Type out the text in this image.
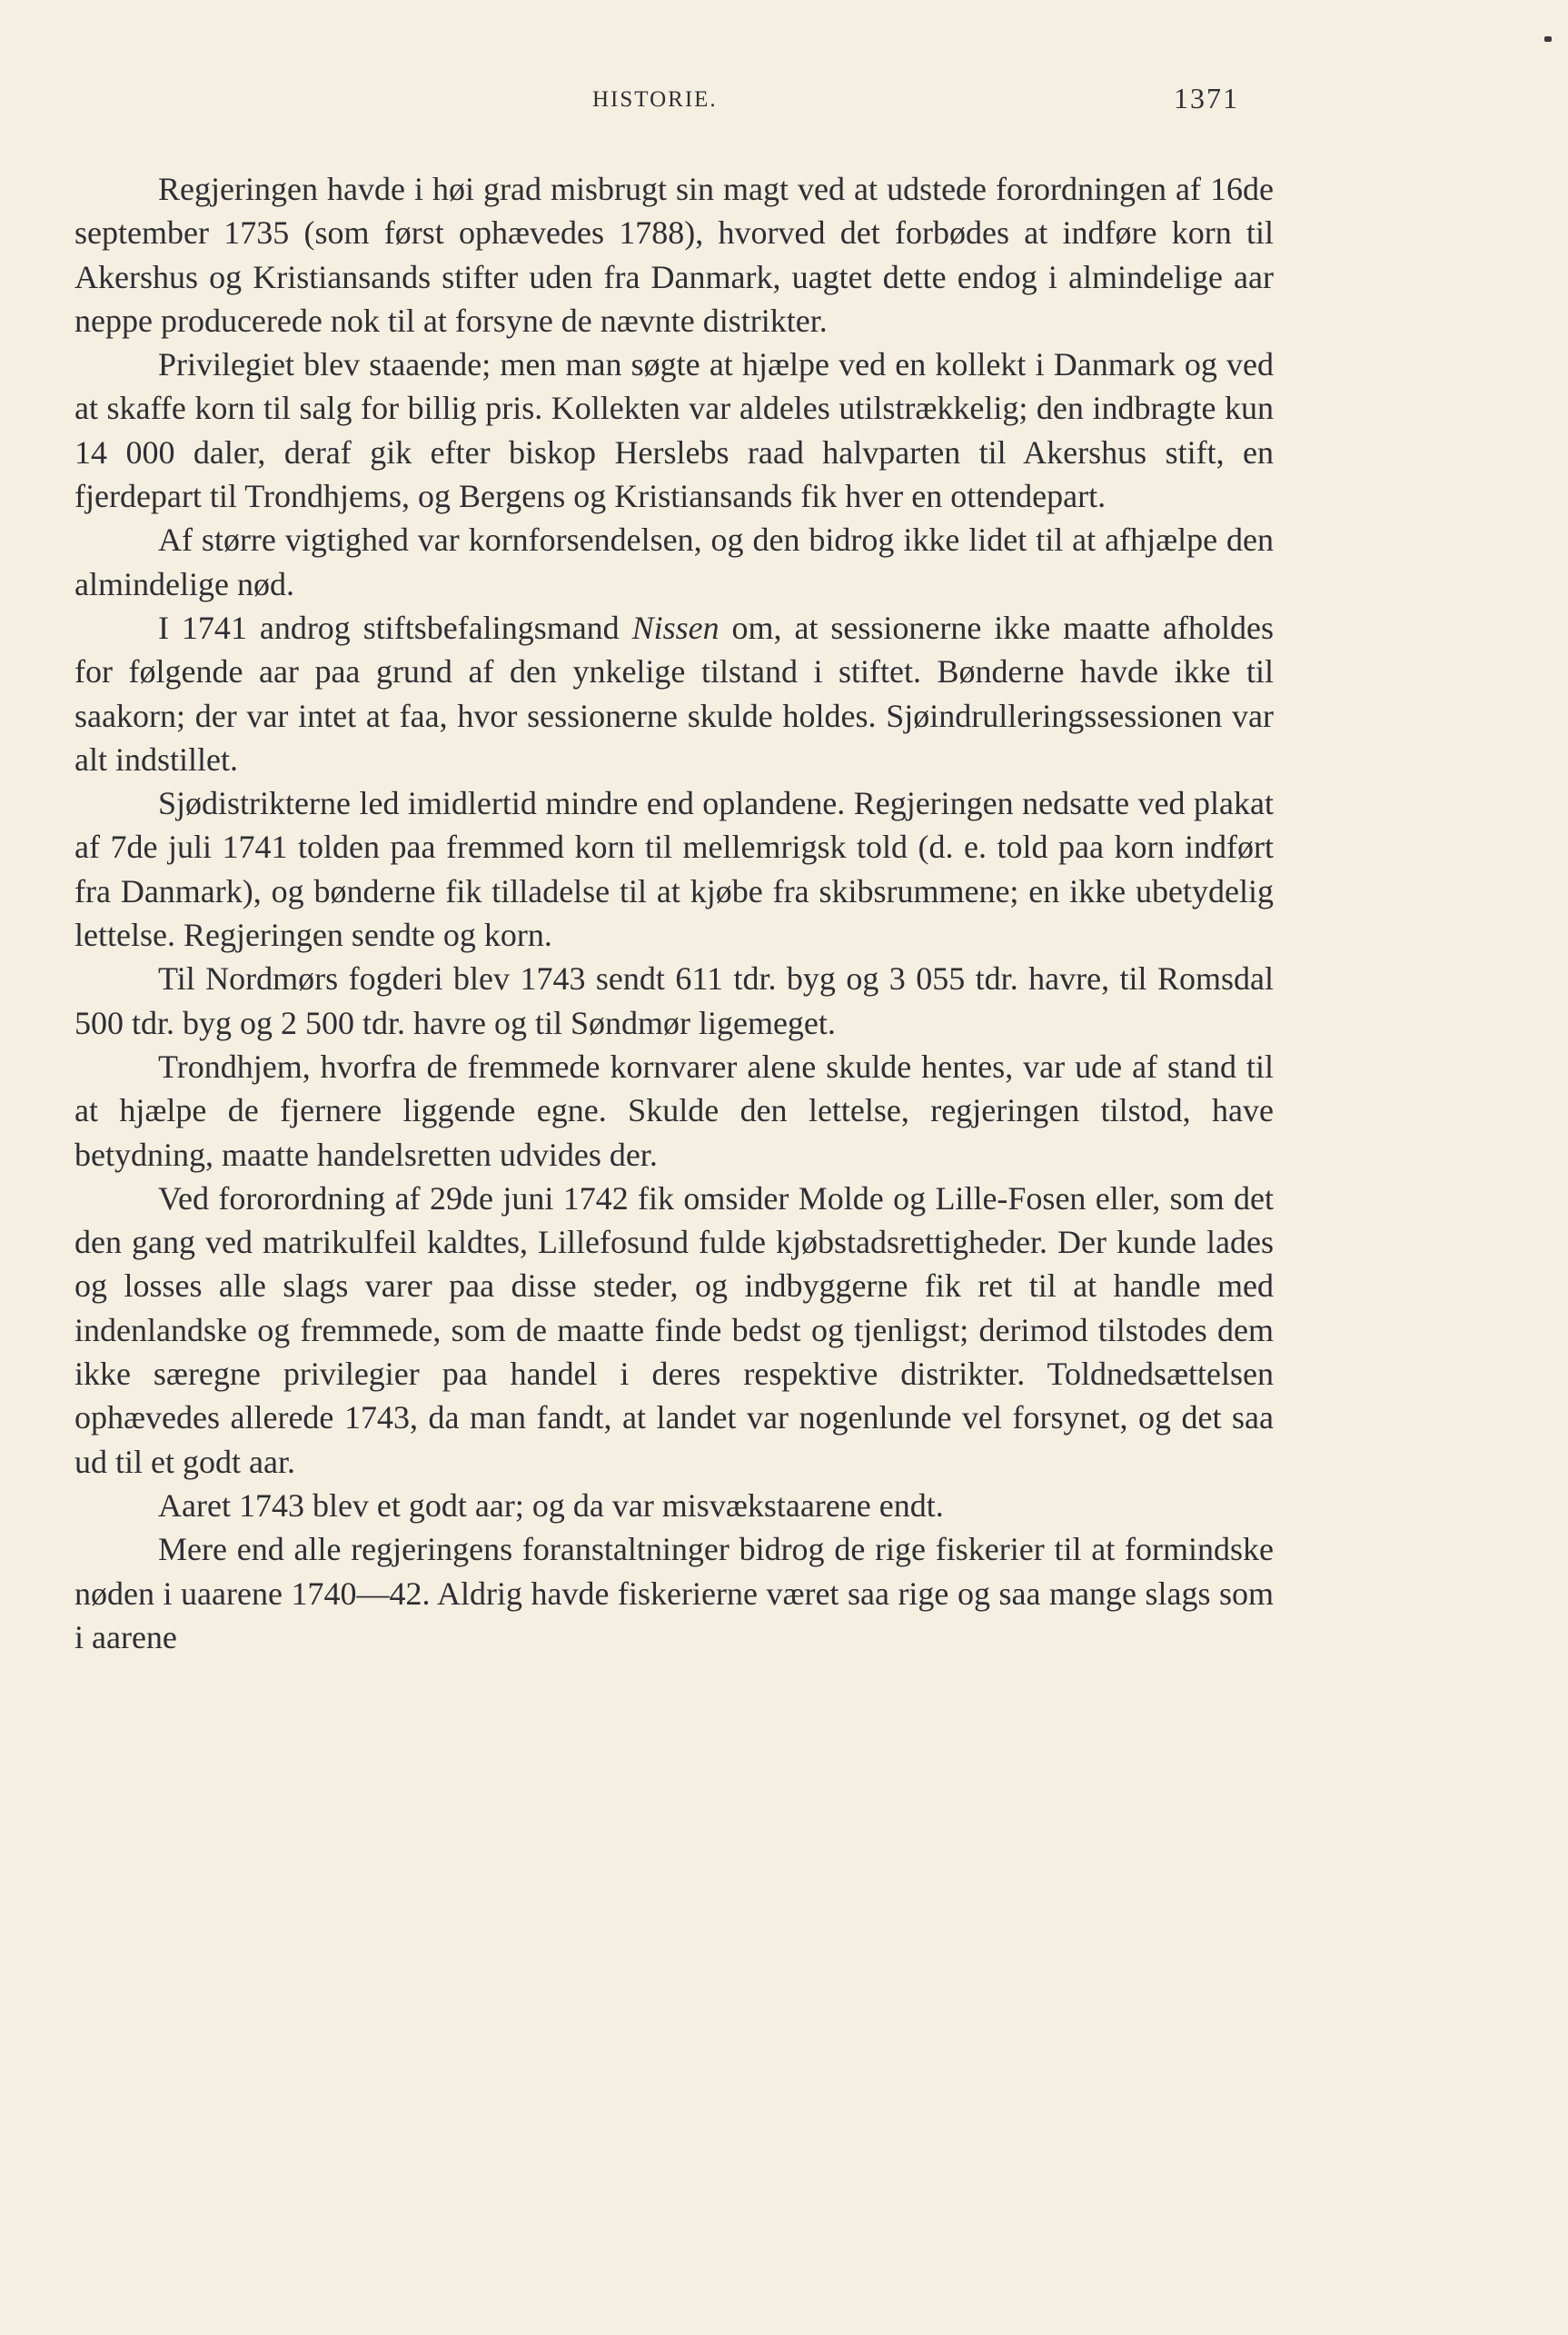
HISTORIE.	1371

Regjeringen havde i høi grad misbrugt sin magt ved at udstede forordningen af 16de september 1735 (som først ophævedes 1788), hvorved det forbødes at indføre korn til Akershus og Kristiansands stifter uden fra Danmark, uagtet dette endog i almindelige aar neppe producerede nok til at forsyne de nævnte distrikter.

Privilegiet blev staaende; men man søgte at hjælpe ved en kollekt i Danmark og ved at skaffe korn til salg for billig pris. Kollekten var aldeles utilstrækkelig; den indbragte kun 14 000 daler, deraf gik efter biskop Herslebs raad halvparten til Akershus stift, en fjerdepart til Trondhjems, og Bergens og Kristiansands fik hver en ottendepart.

Af større vigtighed var kornforsendelsen, og den bidrog ikke lidet til at afhjælpe den almindelige nød.

I 1741 androg stiftsbefalingsmand Nissen om, at sessionerne ikke maatte afholdes for følgende aar paa grund af den ynkelige tilstand i stiftet. Bønderne havde ikke til saakorn; der var intet at faa, hvor sessionerne skulde holdes. Sjøindrulleringssessionen var alt indstillet.

Sjødistrikterne led imidlertid mindre end oplandene. Regjeringen nedsatte ved plakat af 7de juli 1741 tolden paa fremmed korn til mellemrigsk told (d. e. told paa korn indført fra Danmark), og bønderne fik tilladelse til at kjøbe fra skibsrummene; en ikke ubetydelig lettelse. Regjeringen sendte og korn.

Til Nordmørs fogderi blev 1743 sendt 611 tdr. byg og 3 055 tdr. havre, til Romsdal 500 tdr. byg og 2 500 tdr. havre og til Søndmør ligemeget.

Trondhjem, hvorfra de fremmede kornvarer alene skulde hentes, var ude af stand til at hjælpe de fjernere liggende egne. Skulde den lettelse, regjeringen tilstod, have betydning, maatte handelsretten udvides der.

Ved fororordning af 29de juni 1742 fik omsider Molde og Lille-Fosen eller, som det den gang ved matrikulfeil kaldtes, Lillefosund fulde kjøbstadsrettigheder. Der kunde lades og losses alle slags varer paa disse steder, og indbyggerne fik ret til at handle med indenlandske og fremmede, som de maatte finde bedst og tjenligst; derimod tilstodes dem ikke særegne privilegier paa handel i deres respektive distrikter. Toldnedsættelsen ophævedes allerede 1743, da man fandt, at landet var nogenlunde vel forsynet, og det saa ud til et godt aar.

Aaret 1743 blev et godt aar; og da var misvækstaarene endt.

Mere end alle regjeringens foranstaltninger bidrog de rige fiskerier til at formindske nøden i uaarene 1740—42. Aldrig havde fiskerierne været saa rige og saa mange slags som i aarene
